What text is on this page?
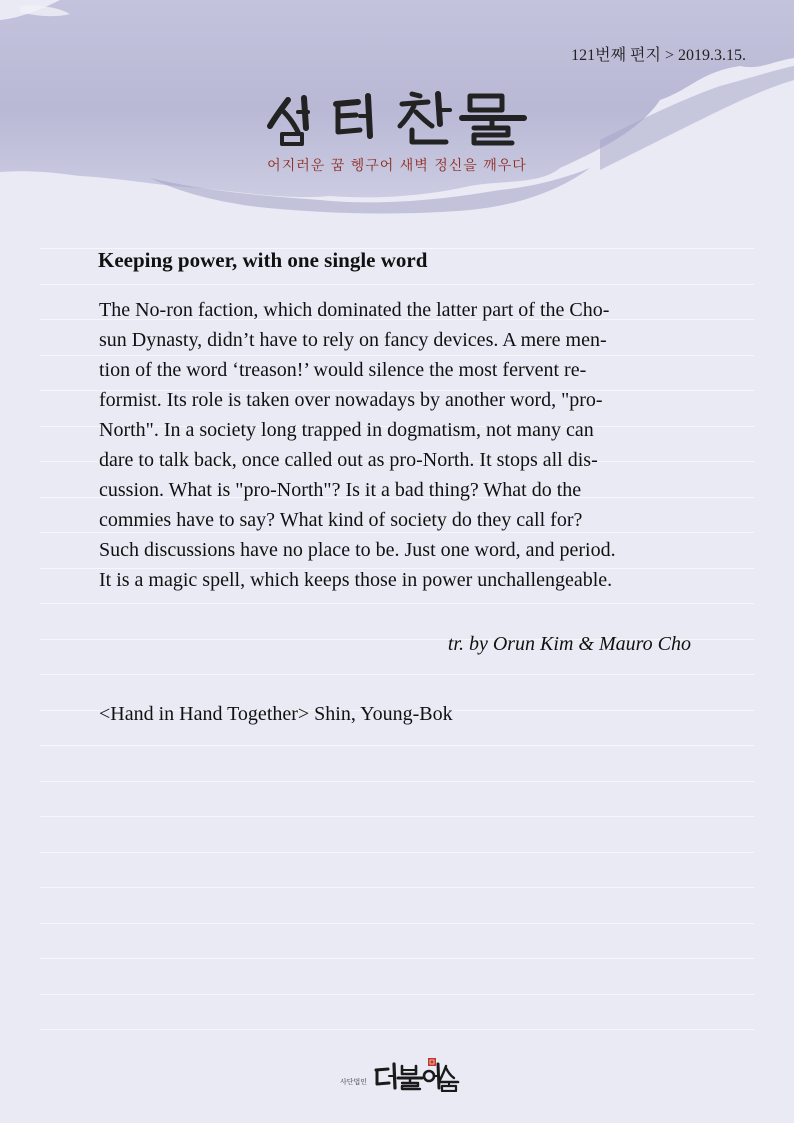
121번째 편지 > 2019.3.15.
어지러운 꿈 헹구어 새벽 정신을 깨우다
Keeping power, with one single word

The No-ron faction, which dominated the latter part of the Cho-

sun Dynasty, didn’t have to rely on fancy devices. A mere men-

tion of the word ‘treason!’ would silence the most fervent re-

formist. Its role is taken over nowadays by another word, "pro-

North". In a society long trapped in dogmatism, not many can

dare to talk back, once called out as pro-North. It stops all dis-

cussion. What is "pro-North"? Is it a bad thing? What do the

commies have to say? What kind of society do they call for?

Such discussions have no place to be. Just one word, and period.

It is a magic spell, which keeps those in power unchallengeable.

tr. by Orun Kim & Mauro Cho
<Hand in Hand Together> Shin, Young-Bok
사단법인
